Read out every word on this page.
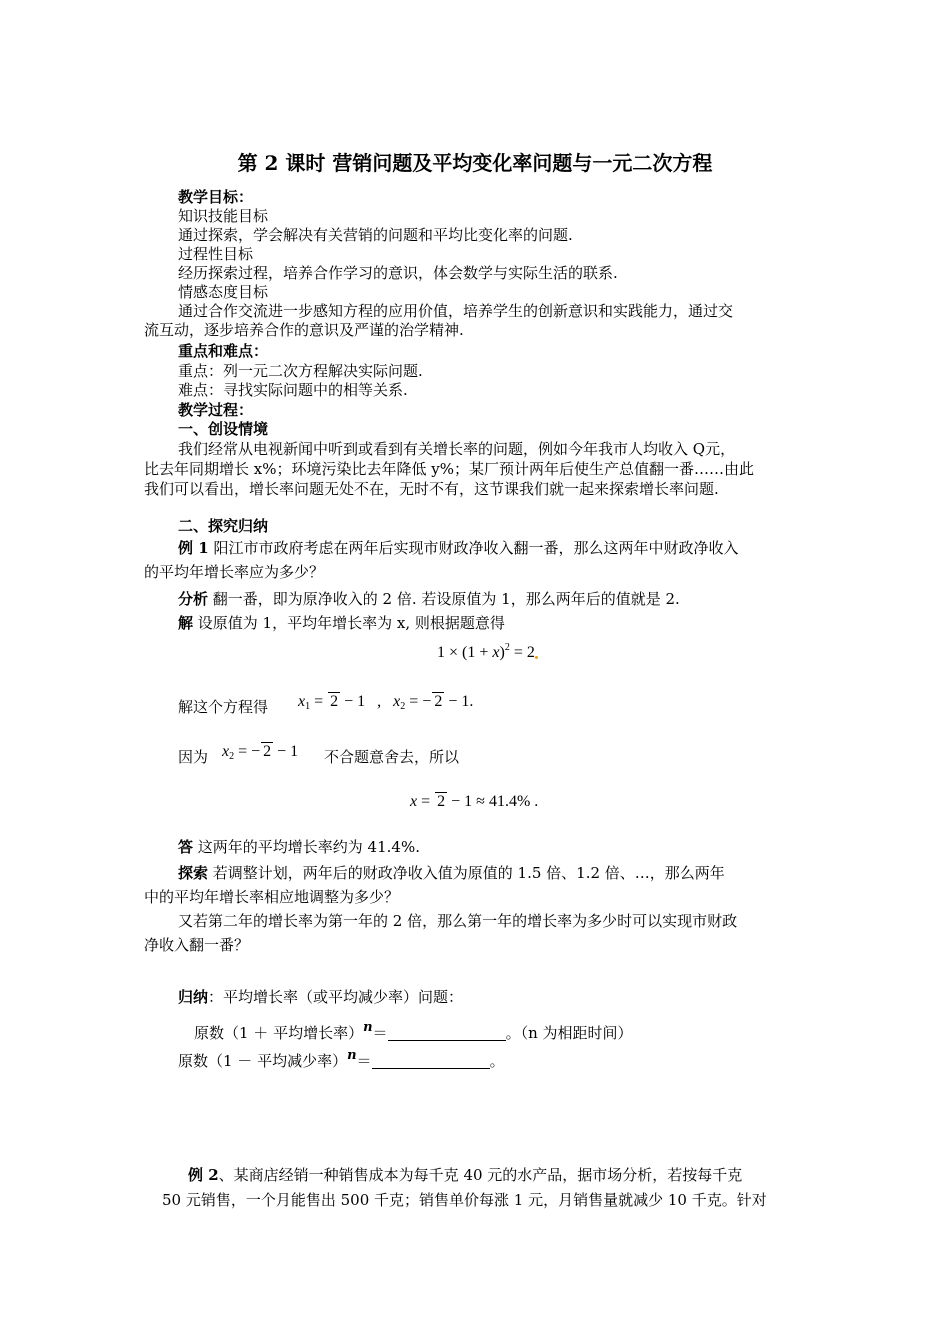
第 2 课时 营销问题及平均变化率问题与一元二次方程
教学目标：
知识技能目标
通过探索，学会解决有关营销的问题和平均比变化率的问题.
过程性目标
经历探索过程，培养合作学习的意识，体会数学与实际生活的联系.
情感态度目标
通过合作交流进一步感知方程的应用价值，培养学生的创新意识和实践能力，通过交
流互动，逐步培养合作的意识及严谨的治学精神.
重点和难点：
重点：列一元二次方程解决实际问题.
难点：寻找实际问题中的相等关系.
教学过程：
一、创设情境
我们经常从电视新闻中听到或看到有关增长率的问题，例如今年我市人均收入 Q元，
比去年同期增长 x%；环境污染比去年降低 y%；某厂预计两年后使生产总值翻一番……由此
我们可以看出，增长率问题无处不在，无时不有，这节课我们就一起来探索增长率问题.
二、探究归纳
例 1 阳江市市政府考虑在两年后实现市财政净收入翻一番，那么这两年中财政净收入
的平均年增长率应为多少？
分析 翻一番，即为原净收入的 2 倍. 若设原值为 1，那么两年后的值就是 2.
解 设原值为 1，平均年增长率为 x, 则根据题意得
$1 \times (1 + x)^2 = 2$
解这个方程得 $x_1 = 2 - 1$   ,   $x_2$ = − 2 − 1.
因为 $x_2$ = − 2 − 1 不合题意舍去，所以
x = 2 − 1 ≈ 41.4% .
答 这两年的平均增长率约为 41.4%.
探索 若调整计划，两年后的财政净收入值为原值的 1.5 倍、1.2 倍、…，那么两年
中的平均年增长率相应地调整为多少？
又若第二年的增长率为第一年的 2 倍，那么第一年的增长率为多少时可以实现市财政
净收入翻一番？
归纳：平均增长率（或平均减少率）问题：
原数（1 ＋ 平均增长率）n＝	。（n 为相距时间）
原数（1 － 平均减少率）n＝	。
例 2、某商店经销一种销售成本为每千克 40 元的水产品，据市场分析，若按每千克
50 元销售，一个月能售出 500 千克；销售单价每涨 1 元，月销售量就减少 10 千克。针对
